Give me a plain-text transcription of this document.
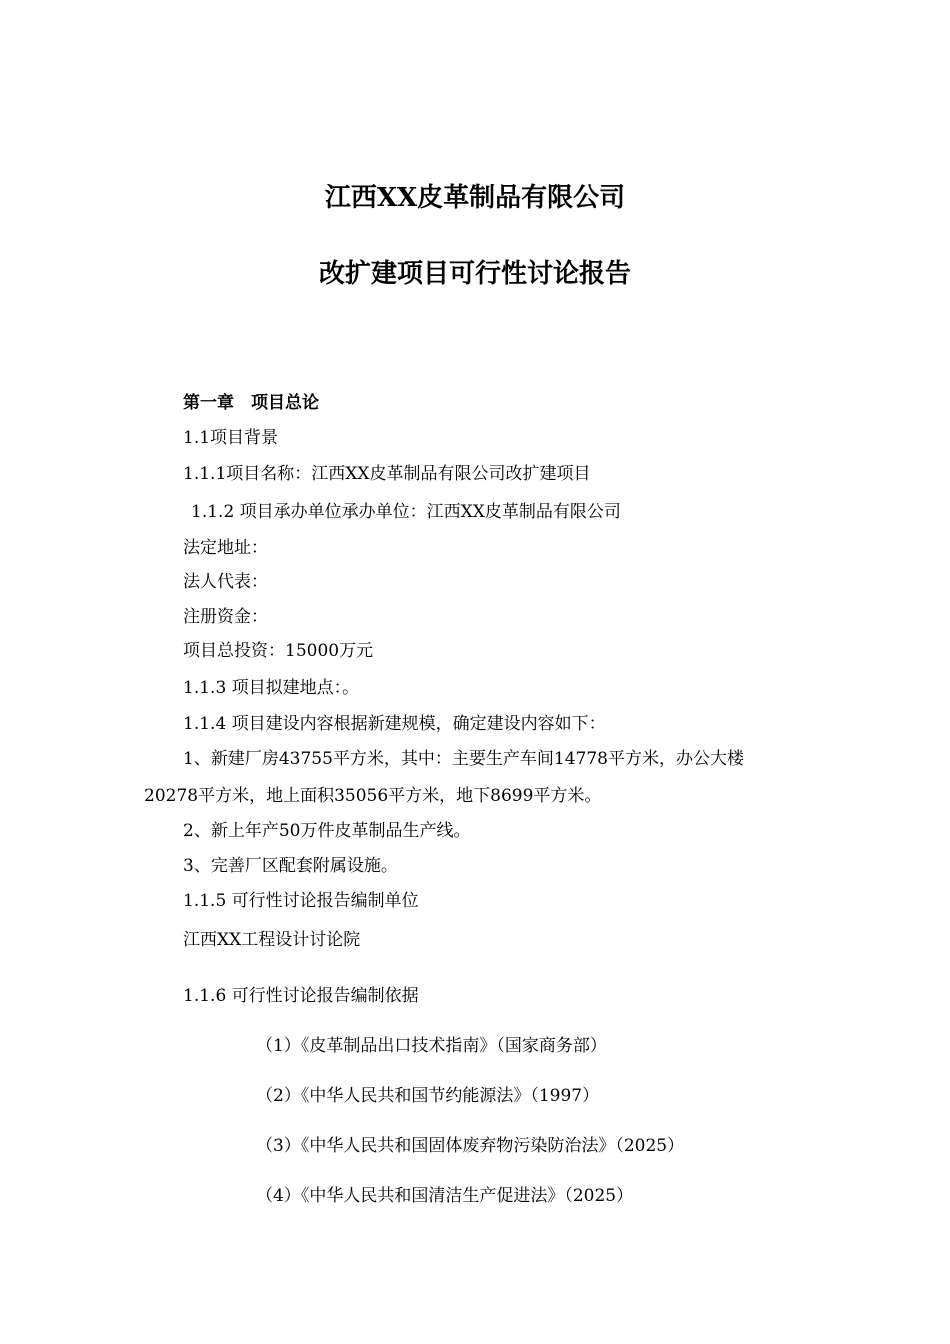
江西XX皮革制品有限公司
改扩建项目可行性讨论报告
第一章　项目总论
1.1项目背景
1.1.1项目名称：江西XX皮革制品有限公司改扩建项目
1.1.2 项目承办单位承办单位：江西XX皮革制品有限公司
法定地址：
法人代表：
注册资金：
项目总投资：15000万元
1.1.3 项目拟建地点：。
1.1.4 项目建设内容根据新建规模，确定建设内容如下：
1、新建厂房43755平方米，其中：主要生产车间14778平方米，办公大楼
20278平方米，地上面积35056平方米，地下8699平方米。
2、新上年产50万件皮革制品生产线。
3、完善厂区配套附属设施。
1.1.5 可行性讨论报告编制单位
江西XX工程设计讨论院
1.1.6 可行性讨论报告编制依据
（1）《皮革制品出口技术指南》（国家商务部）
（2）《中华人民共和国节约能源法》（1997）
（3）《中华人民共和国固体废弃物污染防治法》（2025）
（4）《中华人民共和国清洁生产促进法》（2025）
